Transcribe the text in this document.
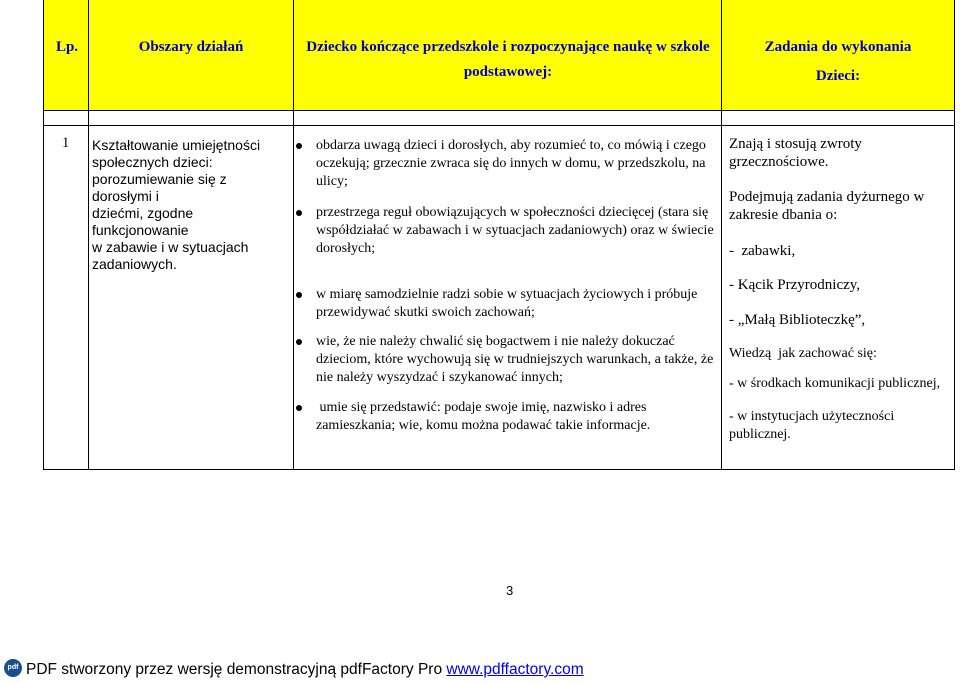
Lp.	Obszary działań	Dziecko kończące przedszkole i rozpoczynające naukę w szkole
podstawowej:
Zadania do wykonania
Dzieci:
1 Kształtowanie umiejętności
społecznych dzieci:
porozumiewanie się z dorosłymi i
dziećmi, zgodne funkcjonowanie
w zabawie i w sytuacjach
zadaniowych.
obdarza uwagą dzieci i dorosłych, aby rozumieć to, co mówią i czego
oczekują; grzecznie zwraca się do innych w domu, w przedszkolu, na
ulicy;
przestrzega reguł obowiązujących w społeczności dziecięcej (stara się
współdziałać w zabawach i w sytuacjach zadaniowych) oraz w świecie
dorosłych;
w miarę samodzielnie radzi sobie w sytuacjach życiowych i próbuje
przewidywać skutki swoich zachowań;
wie, że nie należy chwalić się bogactwem i nie należy dokuczać
dzieciom, które wychowują się w trudniejszych warunkach, a także, że
nie należy wyszydzać i szykanować innych;
umie się przedstawić: podaje swoje imię, nazwisko i adres
zamieszkania; wie, komu można podawać takie informacje.

Znają i stosują zwroty

grzecznościowe.

Podejmują zadania dyżurnego w

zakresie dbania o:

-  zabawki,

- Kącik Przyrodniczy,

- „Małą Biblioteczkę”,

Wiedzą  jak zachować się:

- w środkach komunikacji publicznej,

- w instytucjach użyteczności

publicznej.

3
pdf PDF stworzony przez wersję demonstracyjną pdfFactory Pro www.pdffactory.com
